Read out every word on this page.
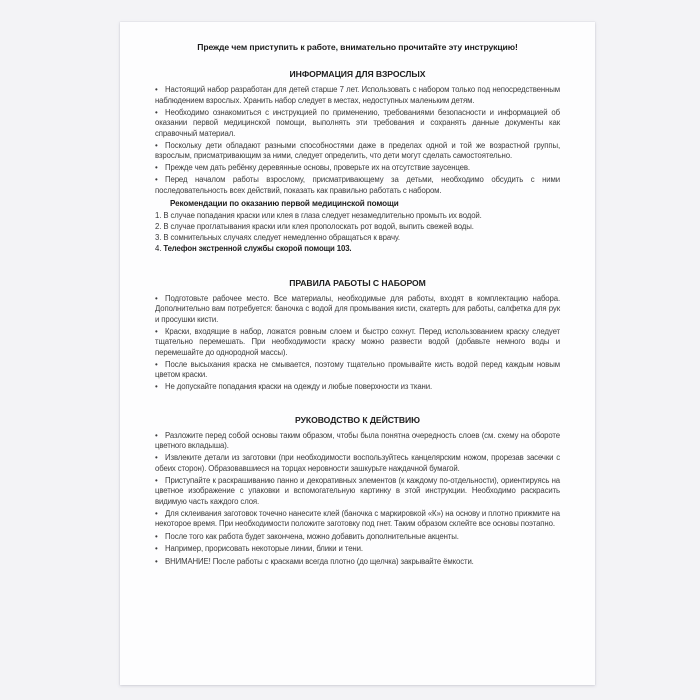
Прежде чем приступить к работе, внимательно прочитайте эту инструкцию!

ИНФОРМАЦИЯ ДЛЯ ВЗРОСЛЫХ

• Настоящий набор разработан для детей старше 7 лет. Использовать с набором только под непосредственным наблюдением взрослых. Хранить набор следует в местах, недоступных маленьким детям.

• Необходимо ознакомиться с инструкцией по применению, требованиями безопасности и информацией об оказании первой медицинской помощи, выполнять эти требования и сохранять данные документы как справочный материал.

• Поскольку дети обладают разными способностями даже в пределах одной и той же возрастной группы, взрослым, присматривающим за ними, следует определить, что дети могут сделать самостоятельно.

• Прежде чем дать ребёнку деревянные основы, проверьте их на отсутствие заусенцев.

• Перед началом работы взрослому, присматривающему за детьми, необходимо обсудить с ними последовательность всех действий, показать как правильно работать с набором.

Рекомендации по оказанию первой медицинской помощи
1. В случае попадания краски или клея в глаза следует незамедлительно промыть их водой.
2. В случае проглатывания краски или клея прополоскать рот водой, выпить свежей воды.
3. В сомнительных случаях следует немедленно обращаться к врачу.
4. Телефон экстренной службы скорой помощи 103.
ПРАВИЛА РАБОТЫ С НАБОРОМ

• Подготовьте рабочее место. Все материалы, необходимые для работы, входят в комплектацию набора. Дополнительно вам потребуется: баночка с водой для промывания кисти, скатерть для работы, салфетка для рук и просушки кисти.

• Краски, входящие в набор, ложатся ровным слоем и быстро сохнут. Перед использованием краску следует тщательно перемешать. При необходимости краску можно развести водой (добавьте немного воды и перемешайте до однородной массы).

• После высыхания краска не смывается, поэтому тщательно промывайте кисть водой перед каждым новым цветом краски.

• Не допускайте попадания краски на одежду и любые поверхности из ткани.

РУКОВОДСТВО К ДЕЙСТВИЮ

• Разложите перед собой основы таким образом, чтобы была понятна очередность слоев (см. схему на обороте цветного вкладыша).

• Извлеките детали из заготовки (при необходимости воспользуйтесь канцелярским ножом, прорезав засечки с обеих сторон). Образовавшиеся на торцах неровности зашкурьте наждачной бумагой.

• Приступайте к раскрашиванию панно и декоративных элементов (к каждому по-отдельности), ориентируясь на цветное изображение с упаковки и вспомогательную картинку в этой инструкции. Необходимо раскрасить видимую часть каждого слоя.

• Для склеивания заготовок точечно нанесите клей (баночка с маркировкой «К») на основу и плотно прижмите на некоторое время. При необходимости положите заготовку под гнет. Таким образом склейте все основы поэтапно.

• После того как работа будет закончена, можно добавить дополнительные акценты.
• Например, прорисовать некоторые линии, блики и тени.
• ВНИМАНИЕ! После работы с красками всегда плотно (до щелчка) закрывайте ёмкости.
